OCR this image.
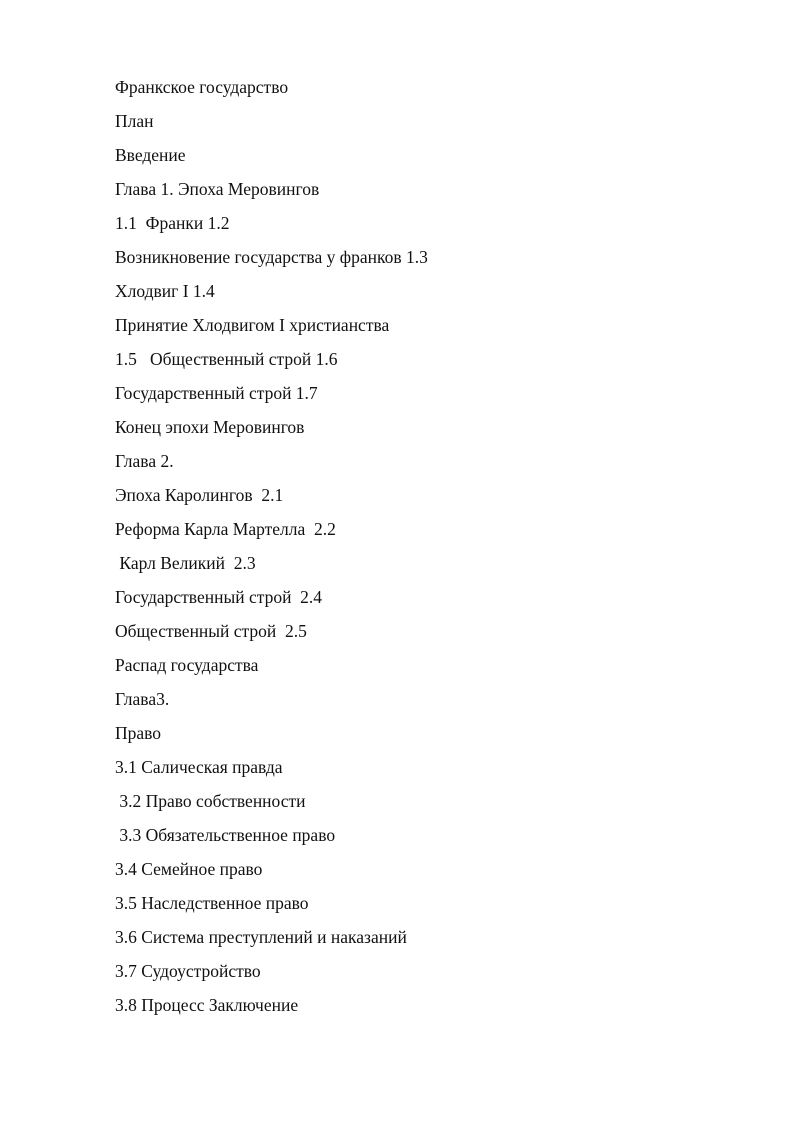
Франкское государство
План
Введение
Глава 1. Эпоха Меровингов
1.1  Франки 1.2
Возникновение государства у франков 1.3
Хлодвиг I 1.4
Принятие Хлодвигом I христианства
1.5   Общественный строй 1.6
Государственный строй 1.7
Конец эпохи Меровингов
Глава 2.
Эпоха Каролингов  2.1
Реформа Карла Мартелла  2.2
Карл Великий  2.3
Государственный строй  2.4
Общественный строй  2.5
Распад государства
Глава3.
Право
3.1 Салическая правда
3.2 Право собственности
3.3 Обязательственное право
3.4 Семейное право
3.5 Наследственное право
3.6 Система преступлений и наказаний
3.7 Судоустройство
3.8 Процесс Заключение
